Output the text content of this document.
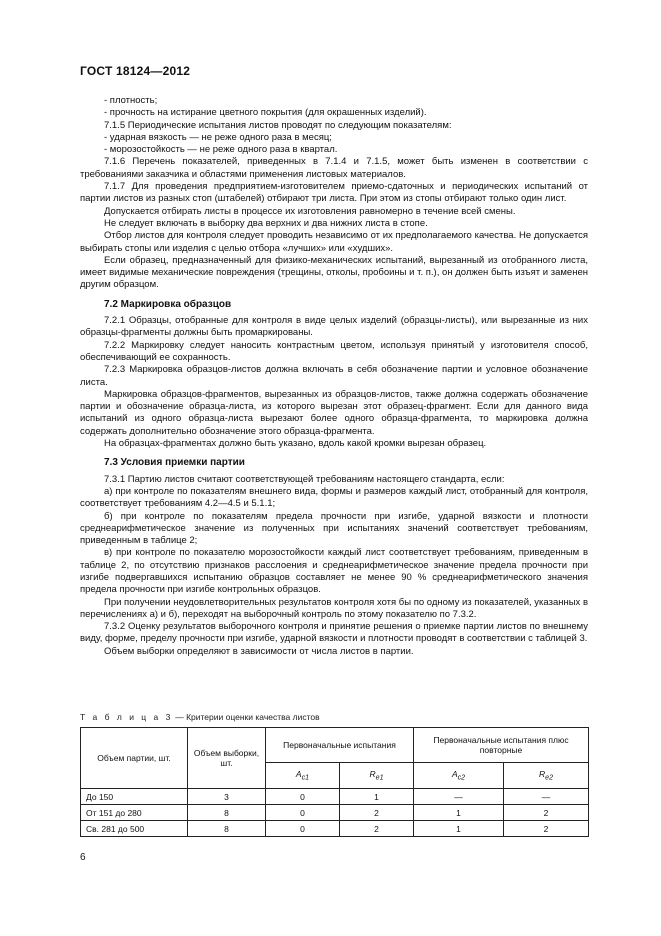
ГОСТ 18124—2012

- плотность;

- прочность на истирание цветного покрытия (для окрашенных изделий).

7.1.5 Периодические испытания листов проводят по следующим показателям:

- ударная вязкость — не реже одного раза в месяц;

- морозостойкость — не реже одного раза в квартал.

7.1.6 Перечень показателей, приведенных в 7.1.4 и 7.1.5, может быть изменен в соответствии с требованиями заказчика и областями применения листовых материалов.

7.1.7 Для проведения предприятием-изготовителем приемо-сдаточных и периодических испытаний от партии листов из разных стоп (штабелей) отбирают три листа. При этом из стопы отбирают только один лист.

Допускается отбирать листы в процессе их изготовления равномерно в течение всей смены.

Не следует включать в выборку два верхних и два нижних листа в стопе.

Отбор листов для контроля следует проводить независимо от их предполагаемого качества. Не допускается выбирать стопы или изделия с целью отбора «лучших» или «худших».

Если образец, предназначенный для физико-механических испытаний, вырезанный из отобранного листа, имеет видимые механические повреждения (трещины, отколы, пробоины и т. п.), он должен быть изъят и заменен другим образцом.

7.2 Маркировка образцов

7.2.1 Образцы, отобранные для контроля в виде целых изделий (образцы-листы), или вырезанные из них образцы-фрагменты должны быть промаркированы.

7.2.2 Маркировку следует наносить контрастным цветом, используя принятый у изготовителя способ, обеспечивающий ее сохранность.

7.2.3 Маркировка образцов-листов должна включать в себя обозначение партии и условное обозначение листа.

Маркировка образцов-фрагментов, вырезанных из образцов-листов, также должна содержать обозначение партии и обозначение образца-листа, из которого вырезан этот образец-фрагмент. Если для данного вида испытаний из одного образца-листа вырезают более одного образца-фрагмента, то маркировка должна содержать дополнительно обозначение этого образца-фрагмента.

На образцах-фрагментах должно быть указано, вдоль какой кромки вырезан образец.

7.3 Условия приемки партии

7.3.1 Партию листов считают соответствующей требованиям настоящего стандарта, если:

а) при контроле по показателям внешнего вида, формы и размеров каждый лист, отобранный для контроля, соответствует требованиям 4.2—4.5 и 5.1.1;

б) при контроле по показателям предела прочности при изгибе, ударной вязкости и плотности среднеарифметическое значение из полученных при испытаниях значений соответствует требованиям, приведенным в таблице 2;

в) при контроле по показателю морозостойкости каждый лист соответствует требованиям, приведенным в таблице 2, по отсутствию признаков расслоения и среднеарифметическое значение предела прочности при изгибе подвергавшихся испытанию образцов составляет не менее 90 % среднеарифметического значения предела прочности при изгибе контрольных образцов.

При получении неудовлетворительных результатов контроля хотя бы по одному из показателей, указанных в перечислениях а) и б), переходят на выборочный контроль по этому показателю по 7.3.2.

7.3.2 Оценку результатов выборочного контроля и принятие решения о приемке партии листов по внешнему виду, форме, пределу прочности при изгибе, ударной вязкости и плотности проводят в соответствии с таблицей 3.

Объем выборки определяют в зависимости от числа листов в партии.

Т а б л и ц а 3 — Критерии оценки качества листов
Объем партии, шт.	Объем выборки, шт.	Первоначальные испытания		Первоначальные испытания плюс повторные	
		$A_{c1}$	$R_{e1}$	$A_{c2}$	$R_{e2}$
До 150	3	0	1	—	—
От 151 до 280	8	0	2	1	2
Св. 281 до 500	8	0	2	1	2
6
